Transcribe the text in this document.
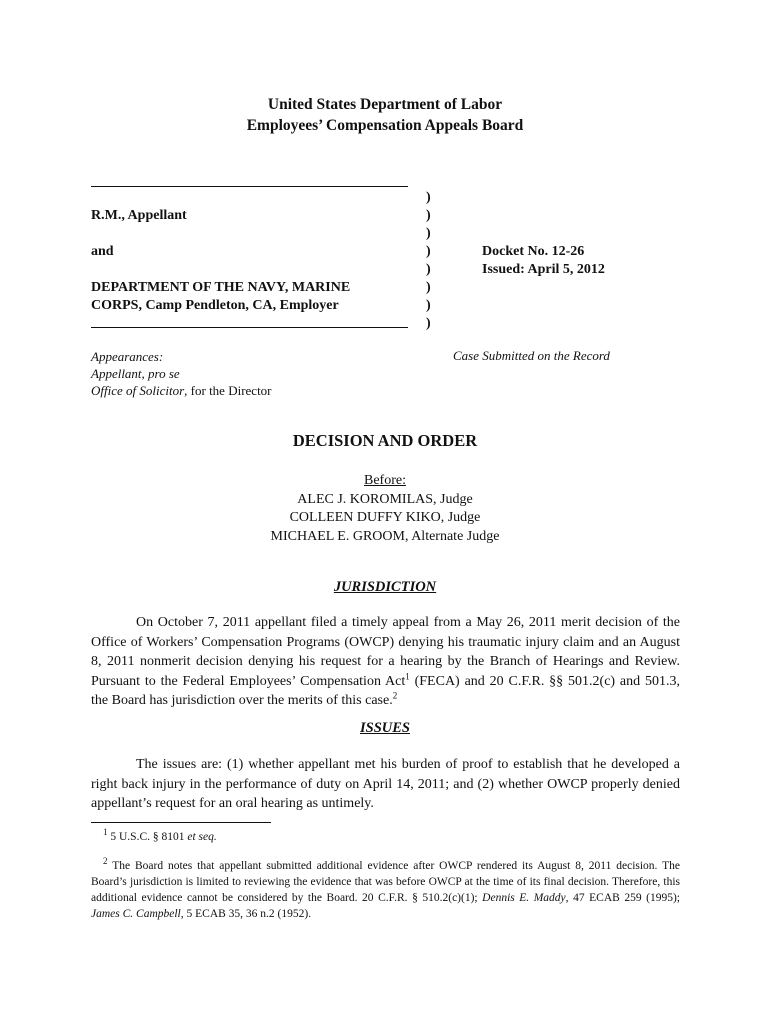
United States Department of Labor
Employees’ Compensation Appeals Board
R.M., Appellant
and
DEPARTMENT OF THE NAVY, MARINE
CORPS, Camp Pendleton, CA, Employer
)
)
)
)
)
)
)
)
Docket No. 12-26
Issued: April 5, 2012
Appearances:
Appellant, pro se
Office of Solicitor, for the Director
Case Submitted on the Record
DECISION AND ORDER
Before:
ALEC J. KOROMILAS, Judge
COLLEEN DUFFY KIKO, Judge
MICHAEL E. GROOM, Alternate Judge
JURISDICTION
On October 7, 2011 appellant filed a timely appeal from a May 26, 2011 merit decision of the Office of Workers’ Compensation Programs (OWCP) denying his traumatic injury claim and an August 8, 2011 nonmerit decision denying his request for a hearing by the Branch of Hearings and Review. Pursuant to the Federal Employees’ Compensation Act$^1$ (FECA) and 20 C.F.R. §§ 501.2(c) and 501.3, the Board has jurisdiction over the merits of this case.$^2$
ISSUES
The issues are: (1) whether appellant met his burden of proof to establish that he developed a right back injury in the performance of duty on April 14, 2011; and (2) whether OWCP properly denied appellant’s request for an oral hearing as untimely.
$^1$ 5 U.S.C. § 8101 et seq.
$^2$ The Board notes that appellant submitted additional evidence after OWCP rendered its August 8, 2011 decision. The Board’s jurisdiction is limited to reviewing the evidence that was before OWCP at the time of its final decision. Therefore, this additional evidence cannot be considered by the Board. 20 C.F.R. § 510.2(c)(1); Dennis E. Maddy, 47 ECAB 259 (1995); James C. Campbell, 5 ECAB 35, 36 n.2 (1952).
